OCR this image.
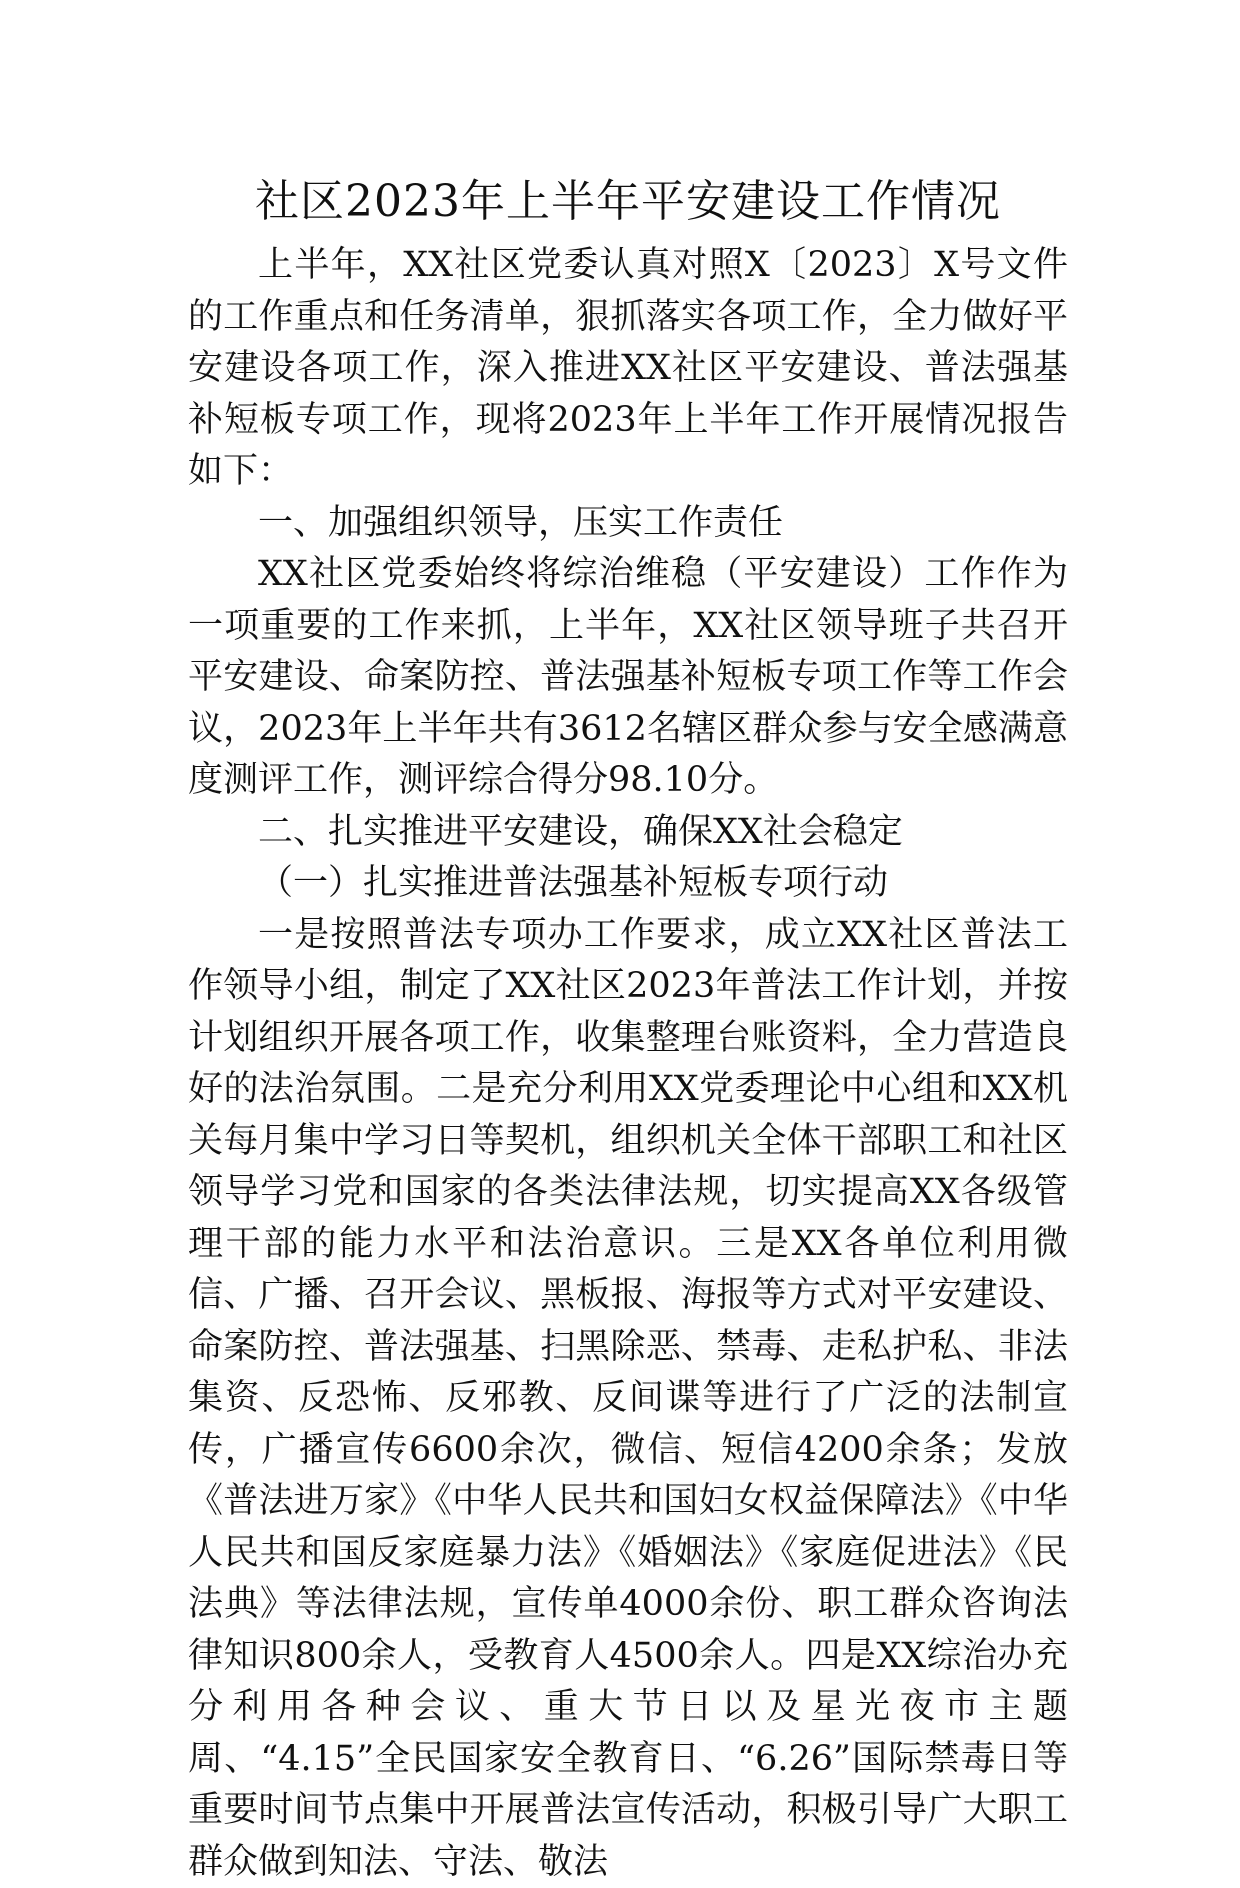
社区2023年上半年平安建设工作情况

上半年，XX社区党委认真对照X〔2023〕X号文件的工作重点和任务清单，狠抓落实各项工作，全力做好平安建设各项工作，深入推进XX社区平安建设、普法强基补短板专项工作，现将2023年上半年工作开展情况报告如下：

一、加强组织领导，压实工作责任

XX社区党委始终将综治维稳（平安建设）工作作为一项重要的工作来抓，上半年，XX社区领导班子共召开平安建设、命案防控、普法强基补短板专项工作等工作会议，2023年上半年共有3612名辖区群众参与安全感满意度测评工作，测评综合得分98.10分。

二、扎实推进平安建设，确保XX社会稳定

（一）扎实推进普法强基补短板专项行动

一是按照普法专项办工作要求，成立XX社区普法工作领导小组，制定了XX社区2023年普法工作计划，并按计划组织开展各项工作，收集整理台账资料，全力营造良好的法治氛围。二是充分利用XX党委理论中心组和XX机关每月集中学习日等契机，组织机关全体干部职工和社区领导学习党和国家的各类法律法规，切实提高XX各级管理干部的能力水平和法治意识。三是XX各单位利用微信、广播、召开会议、黑板报、海报等方式对平安建设、命案防控、普法强基、扫黑除恶、禁毒、走私护私、非法集资、反恐怖、反邪教、反间谍等进行了广泛的法制宣传，广播宣传6600余次，微信、短信4200余条；发放《普法进万家》《中华人民共和国妇女权益保障法》《中华人民共和国反家庭暴力法》《婚姻法》《家庭促进法》《民法典》等法律法规，宣传单4000余份、职工群众咨询法律知识800余人，受教育人4500余人。四是XX综治办充分利用各种会议、重大节日以及星光夜市主题周、“4.15”全民国家安全教育日、“6.26”国际禁毒日等重要时间节点集中开展普法宣传活动，积极引导广大职工群众做到知法、守法、敬法
